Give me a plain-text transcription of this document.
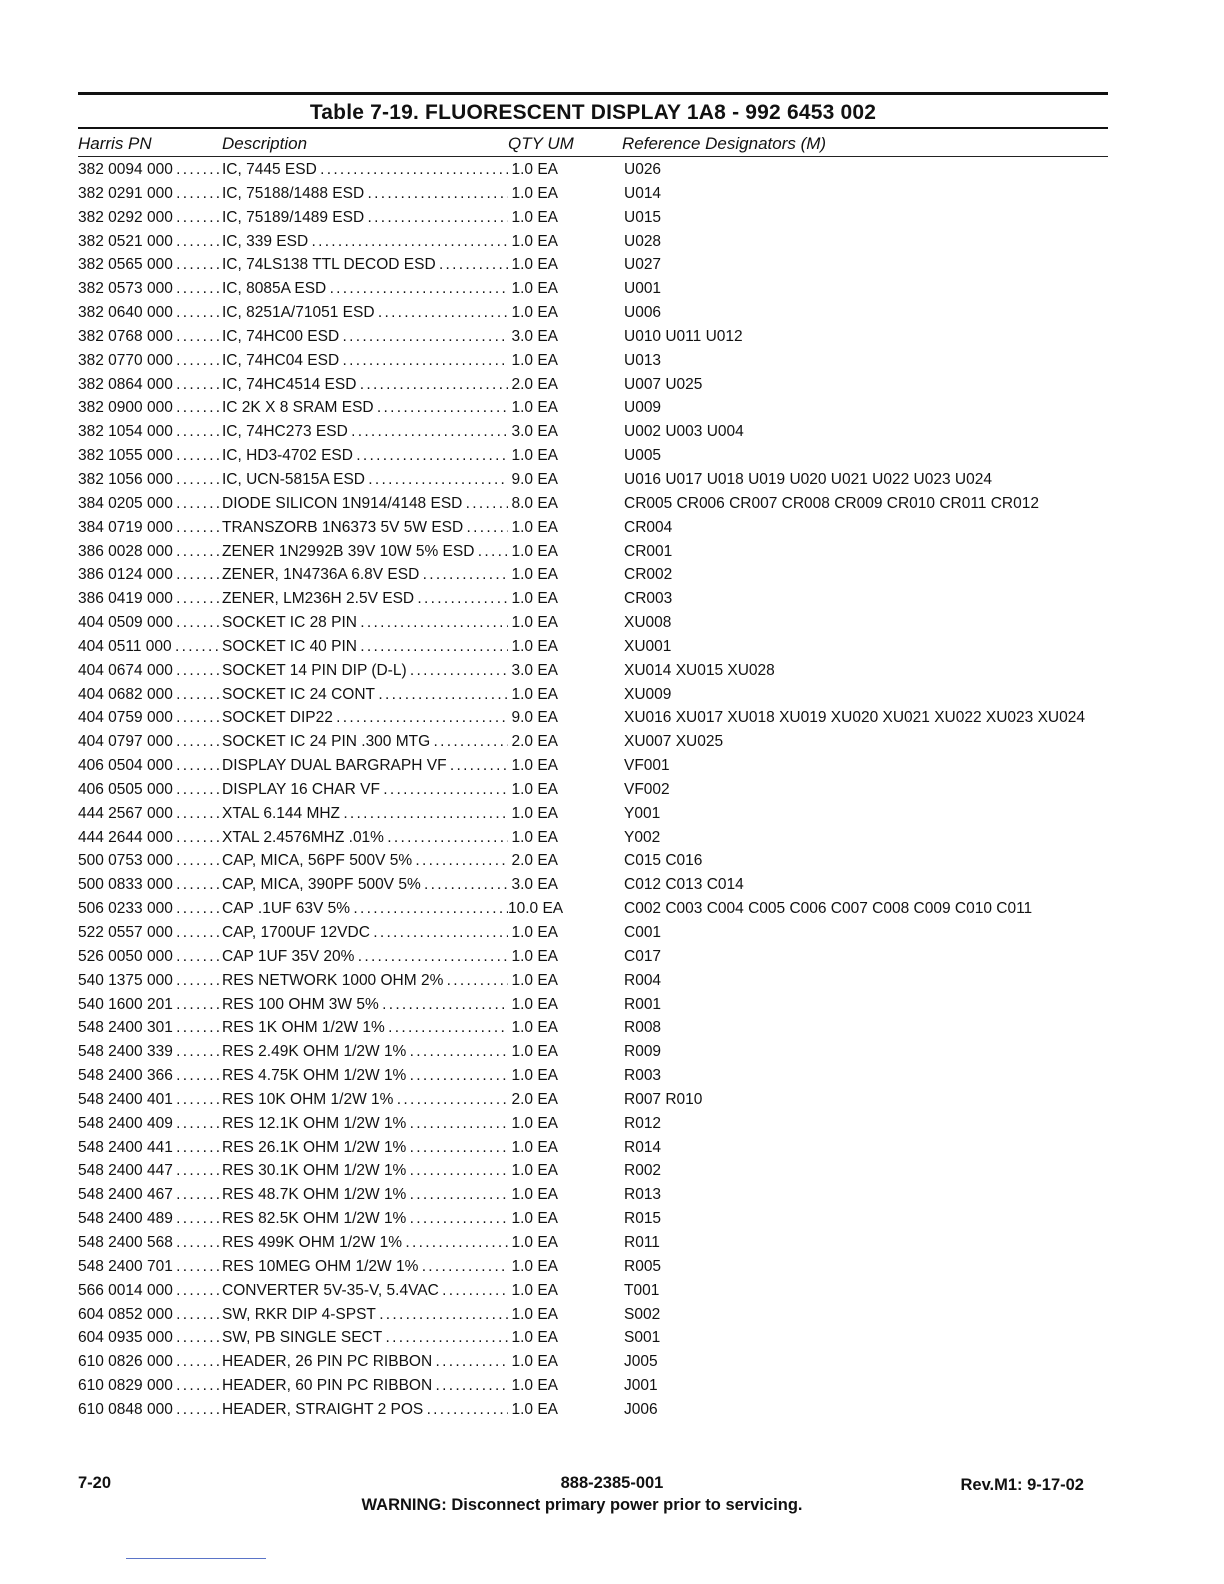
Table 7-19. FLUORESCENT DISPLAY 1A8 - 992 6453 002
Harris PN	Description	QTY UM	Reference Designators (M)
382 0094 000 . . .	IC, 7445 ESD . . .	1.0 EA	U026
382 0291 000 . . .	IC, 75188/1488 ESD . . .	1.0 EA	U014
382 0292 000 . . .	IC, 75189/1489 ESD . . .	1.0 EA	U015
382 0521 000 . . .	IC, 339 ESD . . .	1.0 EA	U028
382 0565 000 . . .	IC, 74LS138 TTL DECOD ESD . . .	1.0 EA	U027
382 0573 000 . . .	IC, 8085A ESD . . .	1.0 EA	U001
382 0640 000 . . .	IC, 8251A/71051 ESD . . .	1.0 EA	U006
382 0768 000 . . .	IC, 74HC00 ESD . . .	3.0 EA	U010 U011 U012
382 0770 000 . . .	IC, 74HC04 ESD . . .	1.0 EA	U013
382 0864 000 . . .	IC, 74HC4514 ESD . . .	2.0 EA	U007 U025
382 0900 000 . . .	IC 2K X 8 SRAM ESD . . .	1.0 EA	U009
382 1054 000 . . .	IC, 74HC273 ESD . . .	3.0 EA	U002 U003 U004
382 1055 000 . . .	IC, HD3-4702 ESD . . .	1.0 EA	U005
382 1056 000 . . .	IC, UCN-5815A ESD . . .	9.0 EA	U016 U017 U018 U019 U020 U021 U022 U023 U024
384 0205 000 . . .	DIODE SILICON 1N914/4148 ESD . . .	8.0 EA	CR005 CR006 CR007 CR008 CR009 CR010 CR011 CR012
384 0719 000 . . .	TRANSZORB 1N6373 5V 5W ESD . . .	1.0 EA	CR004
386 0028 000 . . .	ZENER 1N2992B 39V 10W 5% ESD . . .	1.0 EA	CR001
386 0124 000 . . .	ZENER, 1N4736A 6.8V ESD . . .	1.0 EA	CR002
386 0419 000 . . .	ZENER, LM236H 2.5V ESD . . .	1.0 EA	CR003
404 0509 000 . . .	SOCKET IC 28 PIN . . .	1.0 EA	XU008
404 0511 000 . . .	SOCKET IC 40 PIN . . .	1.0 EA	XU001
404 0674 000 . . .	SOCKET 14 PIN DIP (D-L) . . .	3.0 EA	XU014 XU015 XU028
404 0682 000 . . .	SOCKET IC 24 CONT . . .	1.0 EA	XU009
404 0759 000 . . .	SOCKET DIP22 . . .	9.0 EA	XU016 XU017 XU018 XU019 XU020 XU021 XU022 XU023 XU024
404 0797 000 . . .	SOCKET IC 24 PIN .300 MTG . . .	2.0 EA	XU007 XU025
406 0504 000 . . .	DISPLAY DUAL BARGRAPH VF . . .	1.0 EA	VF001
406 0505 000 . . .	DISPLAY 16 CHAR VF . . .	1.0 EA	VF002
444 2567 000 . . .	XTAL 6.144 MHZ . . .	1.0 EA	Y001
444 2644 000 . . .	XTAL 2.4576MHZ .01% . . .	1.0 EA	Y002
500 0753 000 . . .	CAP, MICA, 56PF 500V 5% . . .	2.0 EA	C015 C016
500 0833 000 . . .	CAP, MICA, 390PF 500V 5% . . .	3.0 EA	C012 C013 C014
506 0233 000 . . .	CAP .1UF 63V 5% . . .	10.0 EA	C002 C003 C004 C005 C006 C007 C008 C009 C010 C011
522 0557 000 . . .	CAP, 1700UF 12VDC . . .	1.0 EA	C001
526 0050 000 . . .	CAP 1UF 35V 20% . . .	1.0 EA	C017
540 1375 000 . . .	RES NETWORK 1000 OHM 2% . . .	1.0 EA	R004
540 1600 201 . . .	RES 100 OHM 3W 5% . . .	1.0 EA	R001
548 2400 301 . . .	RES 1K OHM 1/2W 1% . . .	1.0 EA	R008
548 2400 339 . . .	RES 2.49K OHM 1/2W 1% . . .	1.0 EA	R009
548 2400 366 . . .	RES 4.75K OHM 1/2W 1% . . .	1.0 EA	R003
548 2400 401 . . .	RES 10K OHM 1/2W 1% . . .	2.0 EA	R007 R010
548 2400 409 . . .	RES 12.1K OHM 1/2W 1% . . .	1.0 EA	R012
548 2400 441 . . .	RES 26.1K OHM 1/2W 1% . . .	1.0 EA	R014
548 2400 447 . . .	RES 30.1K OHM 1/2W 1% . . .	1.0 EA	R002
548 2400 467 . . .	RES 48.7K OHM 1/2W 1% . . .	1.0 EA	R013
548 2400 489 . . .	RES 82.5K OHM 1/2W 1% . . .	1.0 EA	R015
548 2400 568 . . .	RES 499K OHM 1/2W 1% . . .	1.0 EA	R011
548 2400 701 . . .	RES 10MEG OHM 1/2W 1% . . .	1.0 EA	R005
566 0014 000 . . .	CONVERTER 5V-35-V, 5.4VAC . . .	1.0 EA	T001
604 0852 000 . . .	SW, RKR DIP 4-SPST . . .	1.0 EA	S002
604 0935 000 . . .	SW, PB SINGLE SECT . . .	1.0 EA	S001
610 0826 000 . . .	HEADER, 26 PIN PC RIBBON . . .	1.0 EA	J005
610 0829 000 . . .	HEADER, 60 PIN PC RIBBON . . .	1.0 EA	J001
610 0848 000 . . .	HEADER, STRAIGHT 2 POS . . .	1.0 EA	J006
7-20	888-2385-001	Rev.M1: 9-17-02
WARNING: Disconnect primary power prior to servicing.
